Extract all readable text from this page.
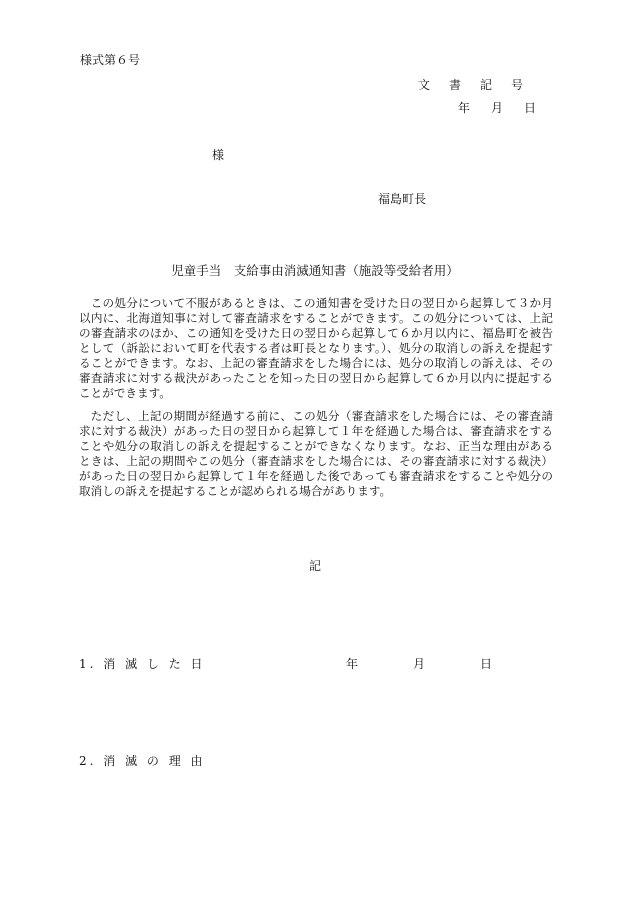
様式第６号
文書記号
年 月 日
様
福島町長
児童手当　支給事由消滅通知書（施設等受給者用）

この処分について不服があるときは、この通知書を受けた日の翌日から起算して３か月以内に、北海道知事に対して審査請求をすることができます。この処分については、上記の審査請求のほか、この通知を受けた日の翌日から起算して６か月以内に、福島町を被告として（訴訟において町を代表する者は町長となります。）、処分の取消しの訴えを提起することができます。なお、上記の審査請求をした場合には、処分の取消しの訴えは、その審査請求に対する裁決があったことを知った日の翌日から起算して６か月以内に提起することができます。

ただし、上記の期間が経過する前に、この処分（審査請求をした場合には、その審査請求に対する裁決）があった日の翌日から起算して１年を経過した場合は、審査請求をすることや処分の取消しの訴えを提起することができなくなります。なお、正当な理由があるときは、上記の期間やこの処分（審査請求をした場合には、その審査請求に対する裁決）があった日の翌日から起算して１年を経過した後であっても審査請求をすることや処分の取消しの訴えを提起することが認められる場合があります。

記
1. 消 滅 し た 日	年	月	日
2. 消 滅 の 理 由
